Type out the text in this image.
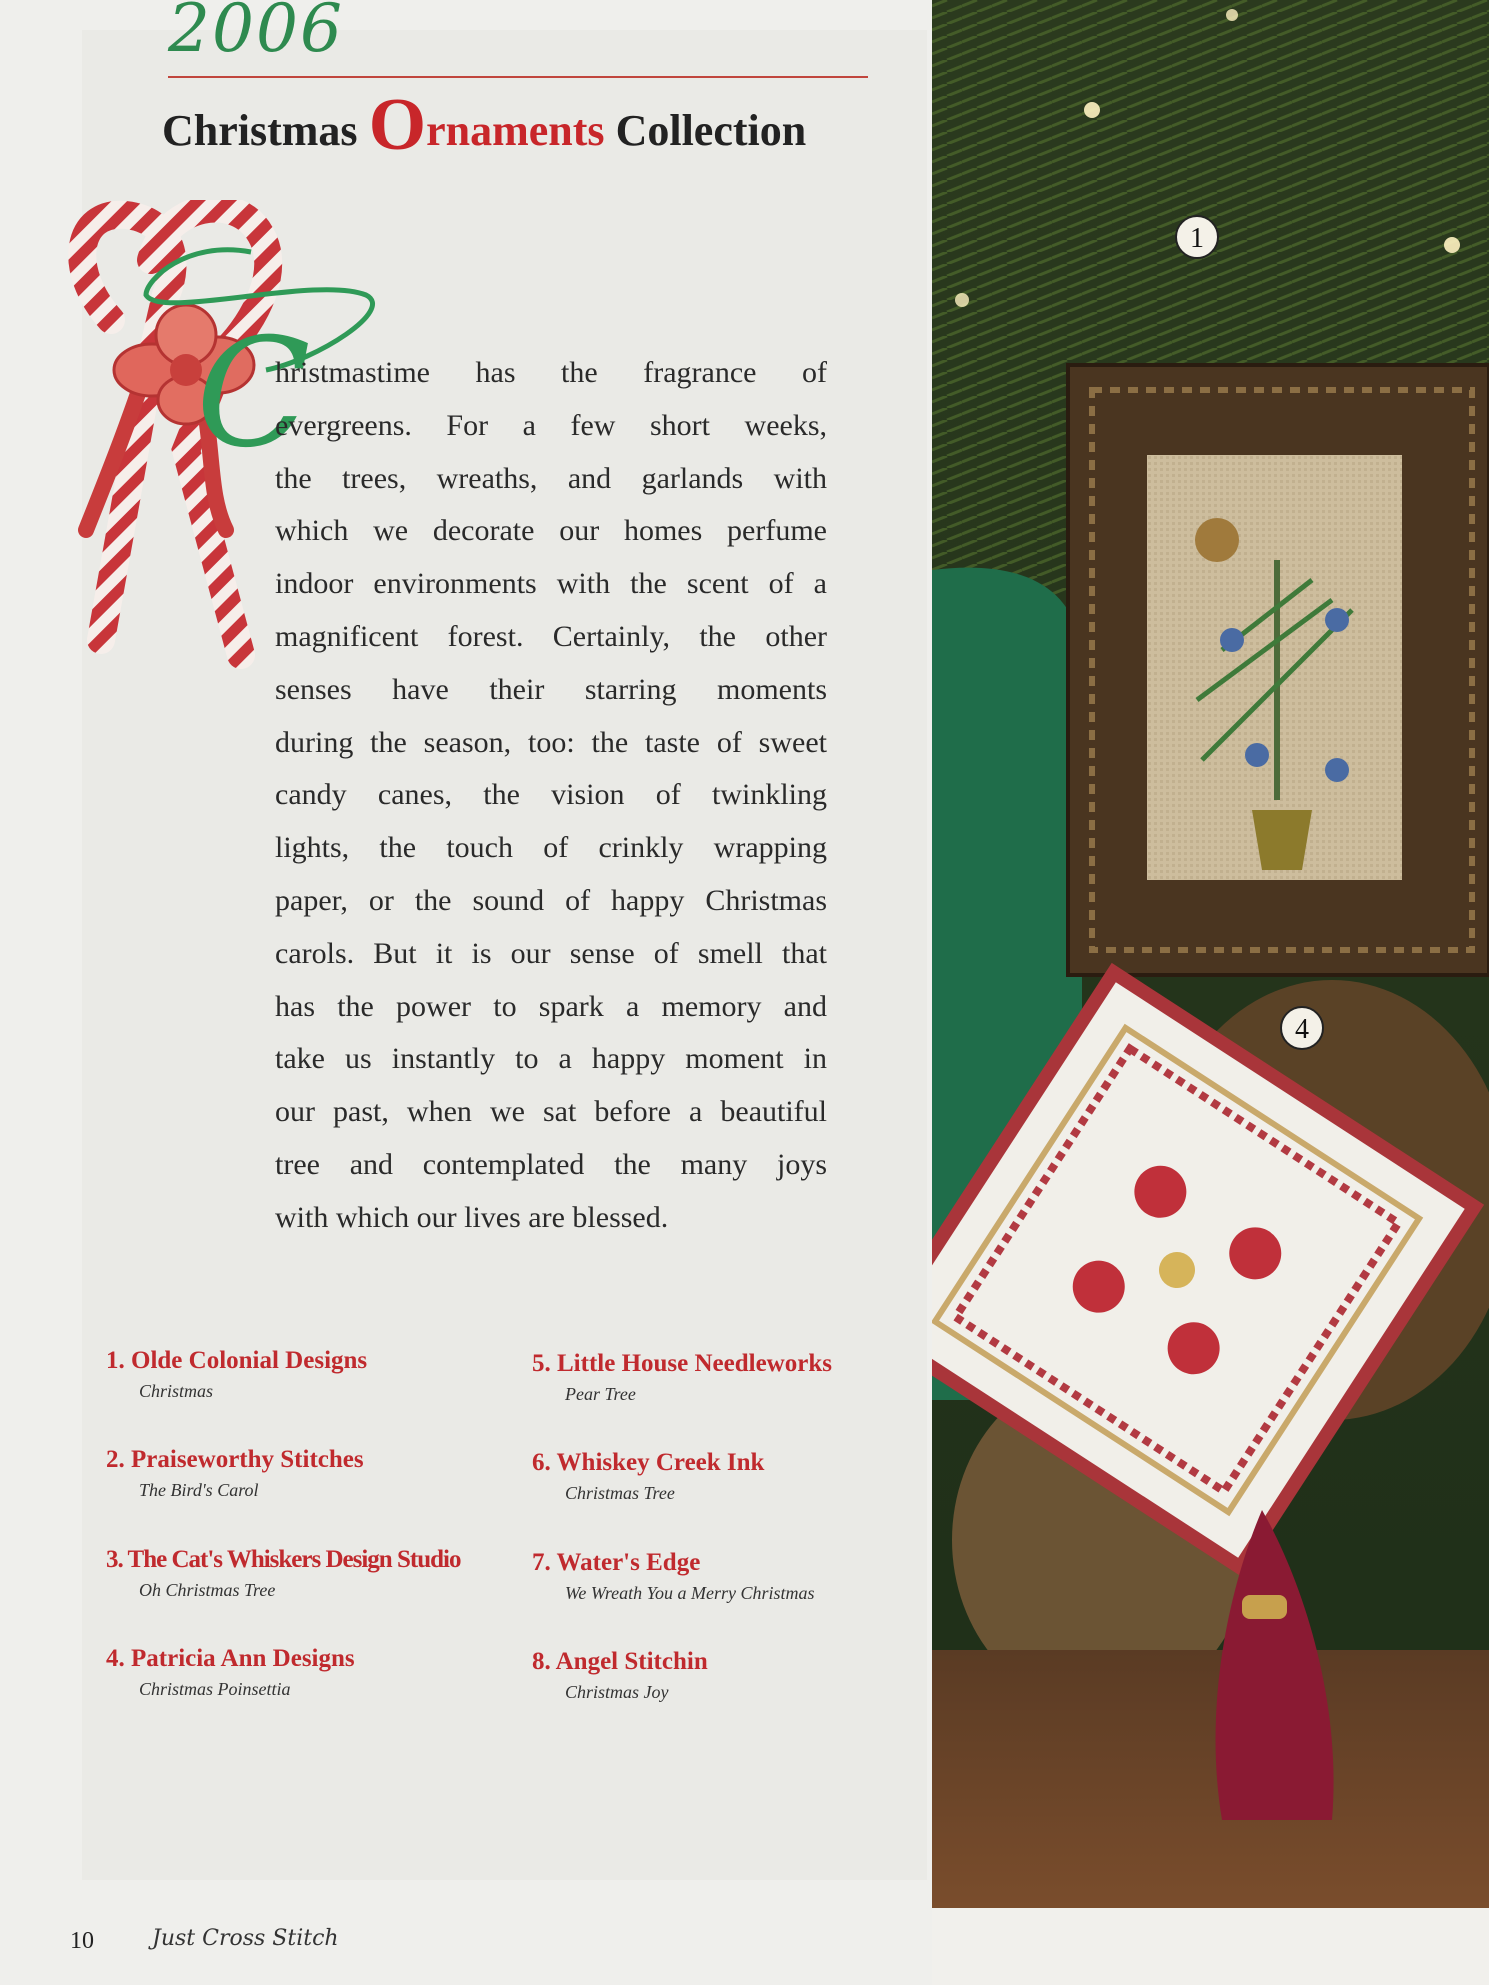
2006
Christmas Ornaments Collection
C

hristmastime has the fragrance of
evergreens. For a few short weeks,
the trees, wreaths, and garlands with
which we decorate our homes perfume
indoor environments with the scent of a
magnificent forest. Certainly, the other
senses have their starring moments
during the season, too: the taste of sweet
candy canes, the vision of twinkling
lights, the touch of crinkly wrapping
paper, or the sound of happy Christmas
carols. But it is our sense of smell that
has the power to spark a memory and
take us instantly to a happy moment in
our past, when we sat before a beautiful
tree and contemplated the many joys
with which our lives are blessed.

1. Olde Colonial Designs
Christmas
2. Praiseworthy Stitches
The Bird's Carol
3. The Cat's Whiskers Design Studio
Oh Christmas Tree
4. Patricia Ann Designs
Christmas Poinsettia
5. Little House Needleworks
Pear Tree
6. Whiskey Creek Ink
Christmas Tree
7. Water's Edge
We Wreath You a Merry Christmas
8. Angel Stitchin
Christmas Joy
1
4
10	Just Cross Stitch
